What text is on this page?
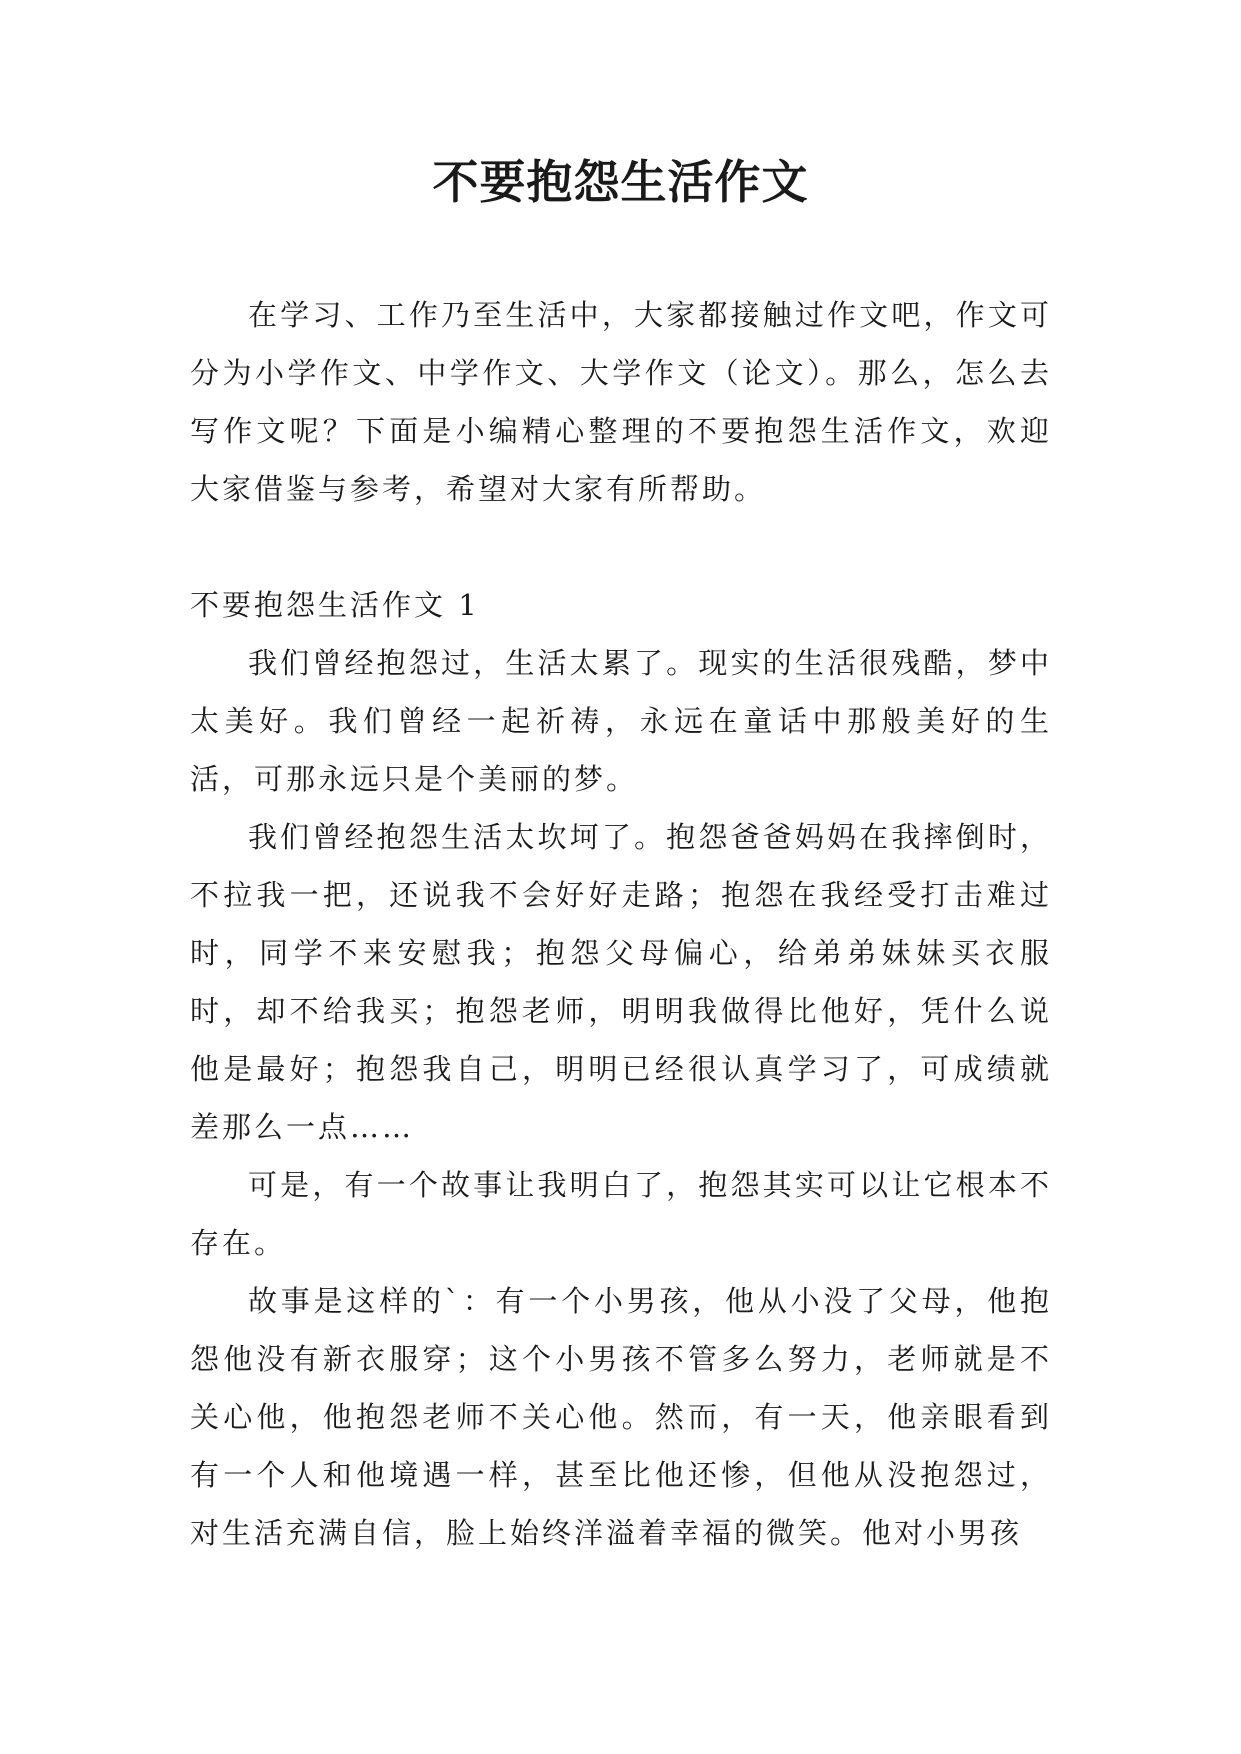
不要抱怨生活作文

在学习、工作乃至生活中，大家都接触过作文吧，作文可分为小学作文、中学作文、大学作文（论文）。那么，怎么去写作文呢？下面是小编精心整理的不要抱怨生活作文，欢迎大家借鉴与参考，希望对大家有所帮助。

不要抱怨生活作文 1

我们曾经抱怨过，生活太累了。现实的生活很残酷，梦中太美好。我们曾经一起祈祷，永远在童话中那般美好的生活，可那永远只是个美丽的梦。

我们曾经抱怨生活太坎坷了。抱怨爸爸妈妈在我摔倒时，不拉我一把，还说我不会好好走路；抱怨在我经受打击难过时，同学不来安慰我；抱怨父母偏心，给弟弟妹妹买衣服时，却不给我买；抱怨老师，明明我做得比他好，凭什么说他是最好；抱怨我自己，明明已经很认真学习了，可成绩就差那么一点……

可是，有一个故事让我明白了，抱怨其实可以让它根本不存在。

故事是这样的`：有一个小男孩，他从小没了父母，他抱怨他没有新衣服穿；这个小男孩不管多么努力，老师就是不关心他，他抱怨老师不关心他。然而，有一天，他亲眼看到有一个人和他境遇一样，甚至比他还惨，但他从没抱怨过，对生活充满自信，脸上始终洋溢着幸福的微笑。他对小男孩
